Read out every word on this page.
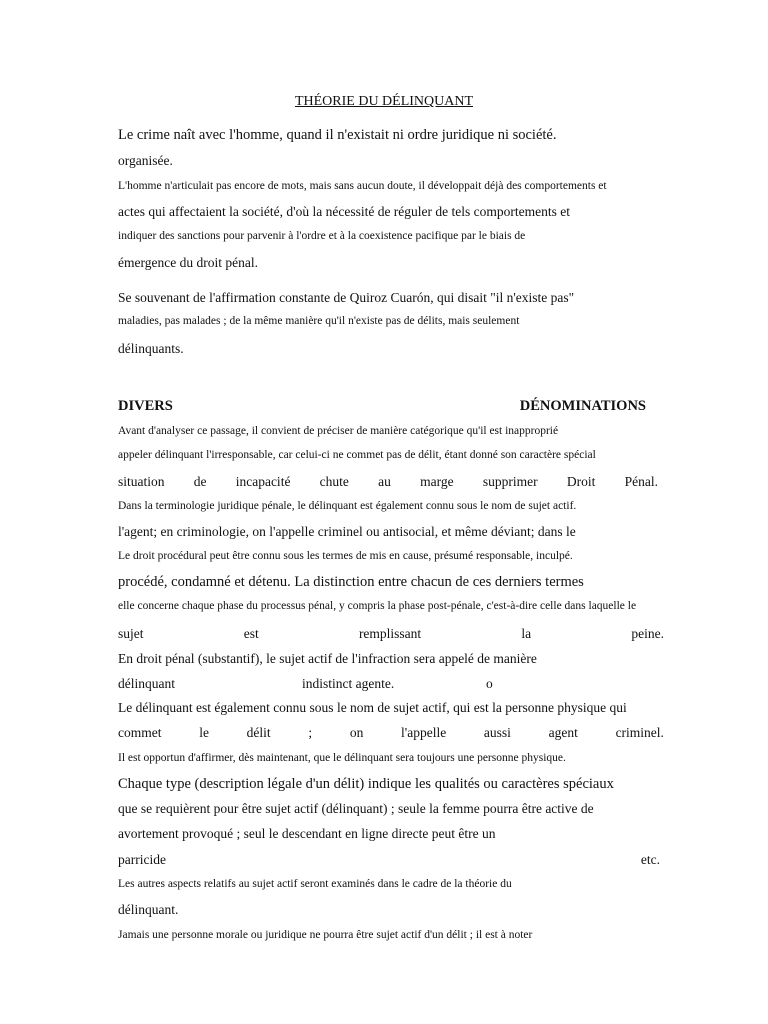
THÉORIE DU DÉLINQUANT

Le crime naît avec l'homme, quand il n'existait ni ordre juridique ni société.

organisée.

L'homme n'articulait pas encore de mots, mais sans aucun doute, il développait déjà des comportements et

actes qui affectaient la société, d'où la nécessité de réguler de tels comportements et

indiquer des sanctions pour parvenir à l'ordre et à la coexistence pacifique par le biais de

émergence du droit pénal.

Se souvenant de l'affirmation constante de Quiroz Cuarón, qui disait "il n'existe pas"

maladies, pas malades ; de la même manière qu'il n'existe pas de délits, mais seulement

délinquants.

DIVERS	DÉNOMINATIONS

Avant d'analyser ce passage, il convient de préciser de manière catégorique qu'il est inapproprié

appeler délinquant l'irresponsable, car celui-ci ne commet pas de délit, étant donné son caractère spécial

situation de incapacité chute au marge supprimer Droit Pénal.

Dans la terminologie juridique pénale, le délinquant est également connu sous le nom de sujet actif.

l'agent; en criminologie, on l'appelle criminel ou antisocial, et même déviant; dans le

Le droit procédural peut être connu sous les termes de mis en cause, présumé responsable, inculpé.

procédé, condamné et détenu. La distinction entre chacun de ces derniers termes

elle concerne chaque phase du processus pénal, y compris la phase post-pénale, c'est-à-dire celle dans laquelle le

sujet	est	remplissant	la	peine.

En droit pénal (substantif), le sujet actif de l'infraction sera appelé de manière

délinquant	indistinct agente.	o

Le délinquant est également connu sous le nom de sujet actif, qui est la personne physique qui

commet	le	délit	;	on	l'appelle	aussi	agent	criminel.

Il est opportun d'affirmer, dès maintenant, que le délinquant sera toujours une personne physique.

Chaque type (description légale d'un délit) indique les qualités ou caractères spéciaux

que se requièrent pour être sujet actif (délinquant) ; seule la femme pourra être active de

avortement provoqué ; seul le descendant en ligne directe peut être un

parricide	etc.

Les autres aspects relatifs au sujet actif seront examinés dans le cadre de la théorie du

délinquant.

Jamais une personne morale ou juridique ne pourra être sujet actif d'un délit ; il est à noter
